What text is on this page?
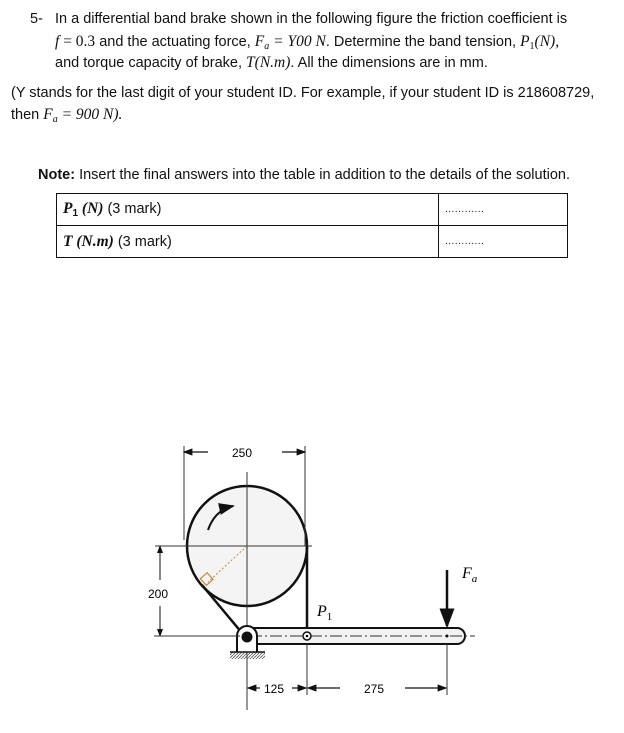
5- In a differential band brake shown in the following figure the friction coefficient is
f = 0.3 and the actuating force, $F_a = Y00$ N. Determine the band tension, $P_1(N)$,
and torque capacity of brake, T(N.m). All the dimensions are in mm.
(Y stands for the last digit of your student ID. For example, if your student ID is 218608729,
then $F_a = 900$ N).
Note: Insert the final answers into the table in addition to the details of the solution.
$P_1$ (N) (3 mark)	............
T (N.m) (3 mark)	............
250
$P_1$
$F_a$
200
125	275
